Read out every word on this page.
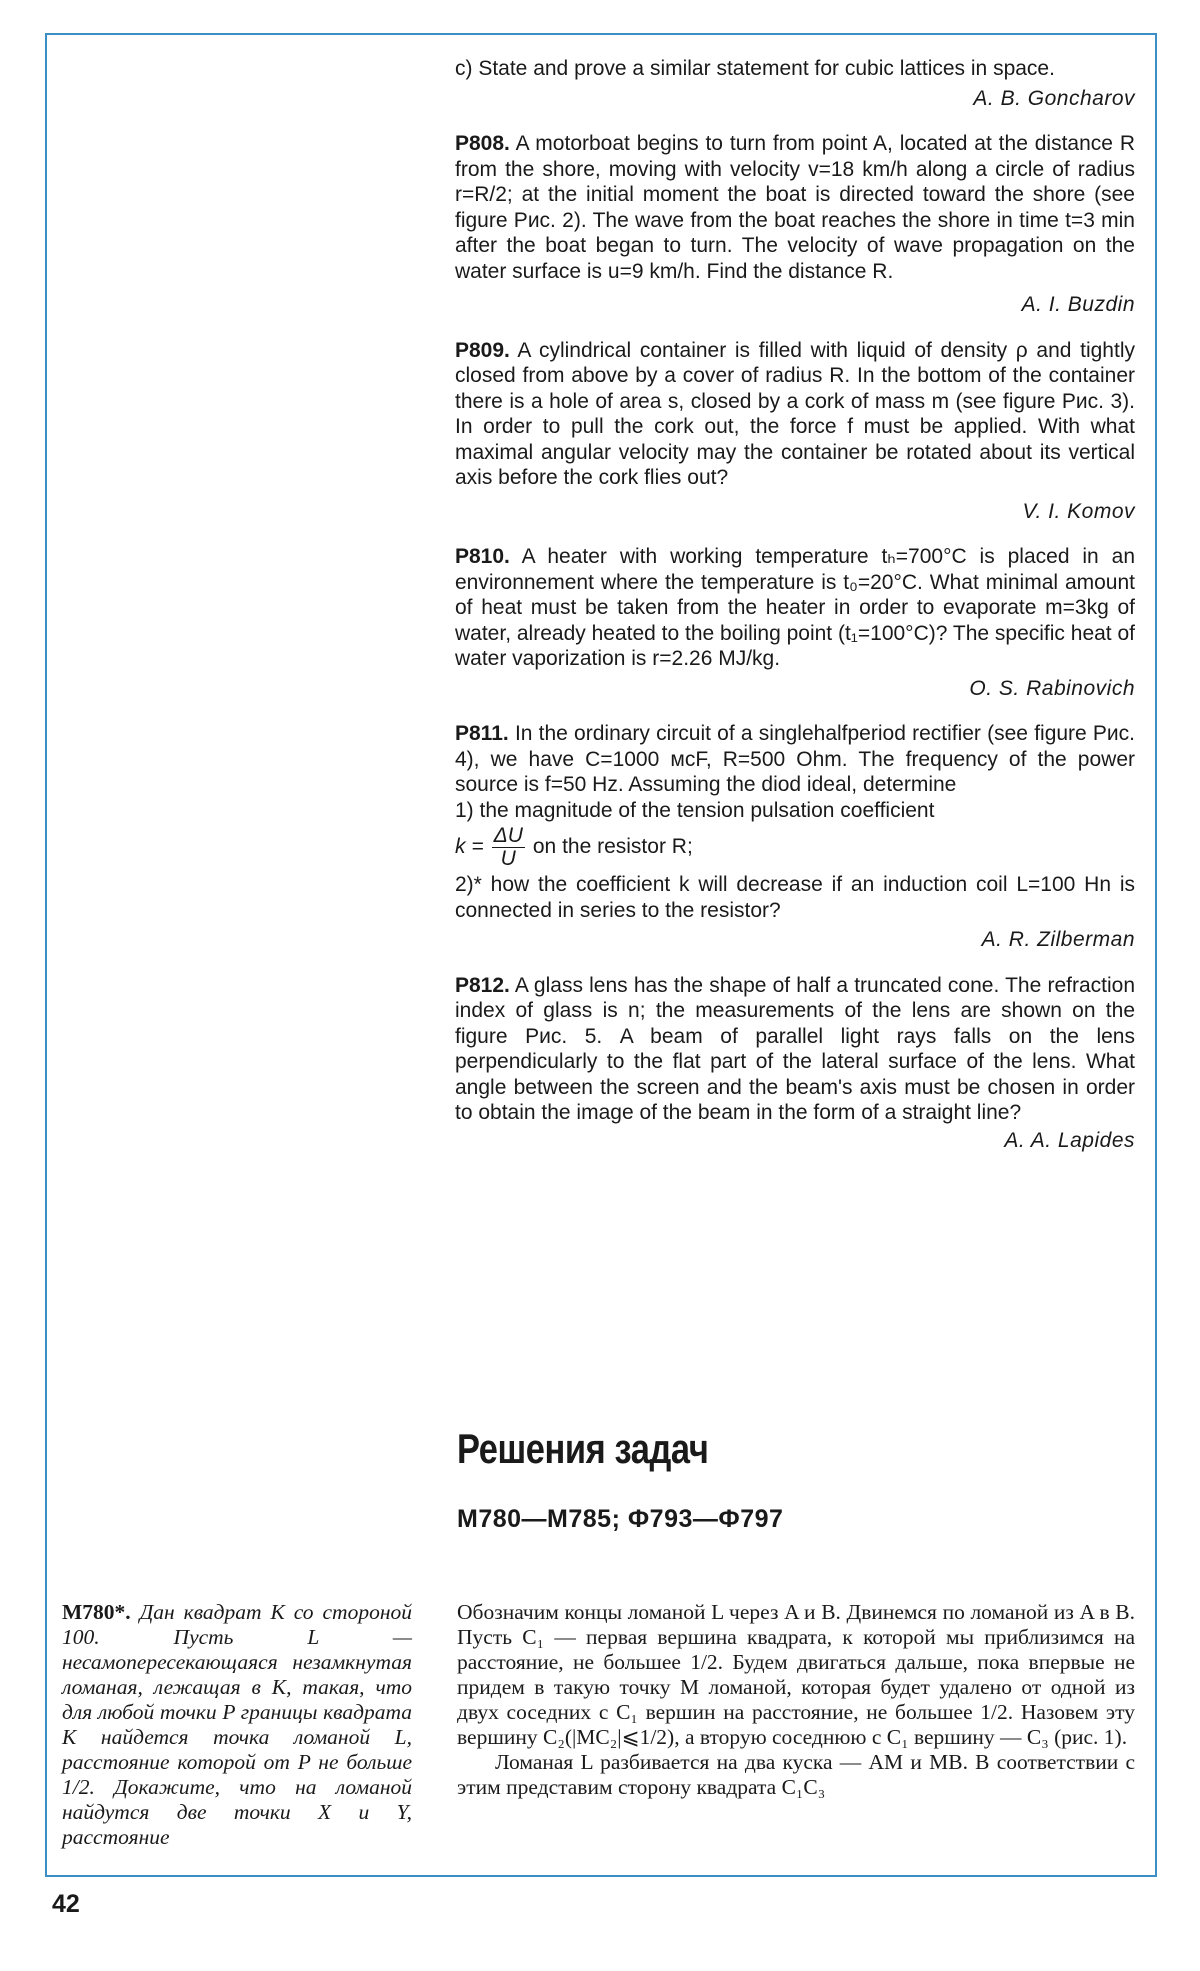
c) State and prove a similar statement for cubic lattices in space.

A. B. Goncharov

P808. A motorboat begins to turn from point A, located at the distance R from the shore, moving with velocity v=18 km/h along a circle of radius r=R/2; at the initial moment the boat is directed toward the shore (see figure Рис. 2). The wave from the boat reaches the shore in time t=3 min after the boat began to turn. The velocity of wave propagation on the water surface is u=9 km/h. Find the distance R.

A. I. Buzdin

P809. A cylindrical container is filled with liquid of density ρ and tightly closed from above by a cover of radius R. In the bottom of the container there is a hole of area s, closed by a cork of mass m (see figure Рис. 3). In order to pull the cork out, the force f must be applied. With what maximal angular velocity may the container be rotated about its vertical axis before the cork flies out?

V. I. Komov

P810. A heater with working temperature tₕ=700°C is placed in an environnement where the temperature is t₀=20°C. What minimal amount of heat must be taken from the heater in order to evaporate m=3kg of water, already heated to the boiling point (t₁=100°C)? The specific heat of water vaporization is r=2.26 MJ/kg.

O. S. Rabinovich

P811. In the ordinary circuit of a singlehalfperiod rectifier (see figure Рис. 4), we have C=1000 мcF, R=500 Ohm. The frequency of the power source is f=50 Hz. Assuming the diod ideal, determine

1) the magnitude of the tension pulsation coefficient

$k = \frac{\Delta U}{U}$ on the resistor R;

2)* how the coefficient k will decrease if an induction coil L=100 Hn is connected in series to the resistor?

A. R. Zilberman

P812. A glass lens has the shape of half a truncated cone. The refraction index of glass is n; the measurements of the lens are shown on the figure Рис. 5. A beam of parallel light rays falls on the lens perpendicularly to the flat part of the lateral surface of the lens. What angle between the screen and the beam's axis must be chosen in order to obtain the image of the beam in the form of a straight line?

A. A. Lapides
Решения задач
M780—M785; Ф793—Ф797
M780*. Дан квадрат K со стороной 100. Пусть L — несамопересекающаяся незамкнутая ломаная, лежащая в K, такая, что для любой точки P границы квадрата K найдется точка ломаной L, расстояние которой от P не больше 1/2. Докажите, что на ломаной найдутся две точки X и Y, расстояние

Обозначим концы ломаной L через A и B. Двинемся по ломаной из A в B. Пусть C₁ — первая вершина квадрата, к которой мы приблизимся на расстояние, не большее 1/2. Будем двигаться дальше, пока впервые не придем в такую точку M ломаной, которая будет удалено от одной из двух соседних с C₁ вершин на расстояние, не большее 1/2. Назовем эту вершину C₂(|MC₂|⩽1/2), а вторую соседнюю с C₁ вершину — C₃ (рис. 1).

Ломаная L разбивается на два куска — AM и MB. В соответствии с этим представим сторону квадрата C₁C₃

42
